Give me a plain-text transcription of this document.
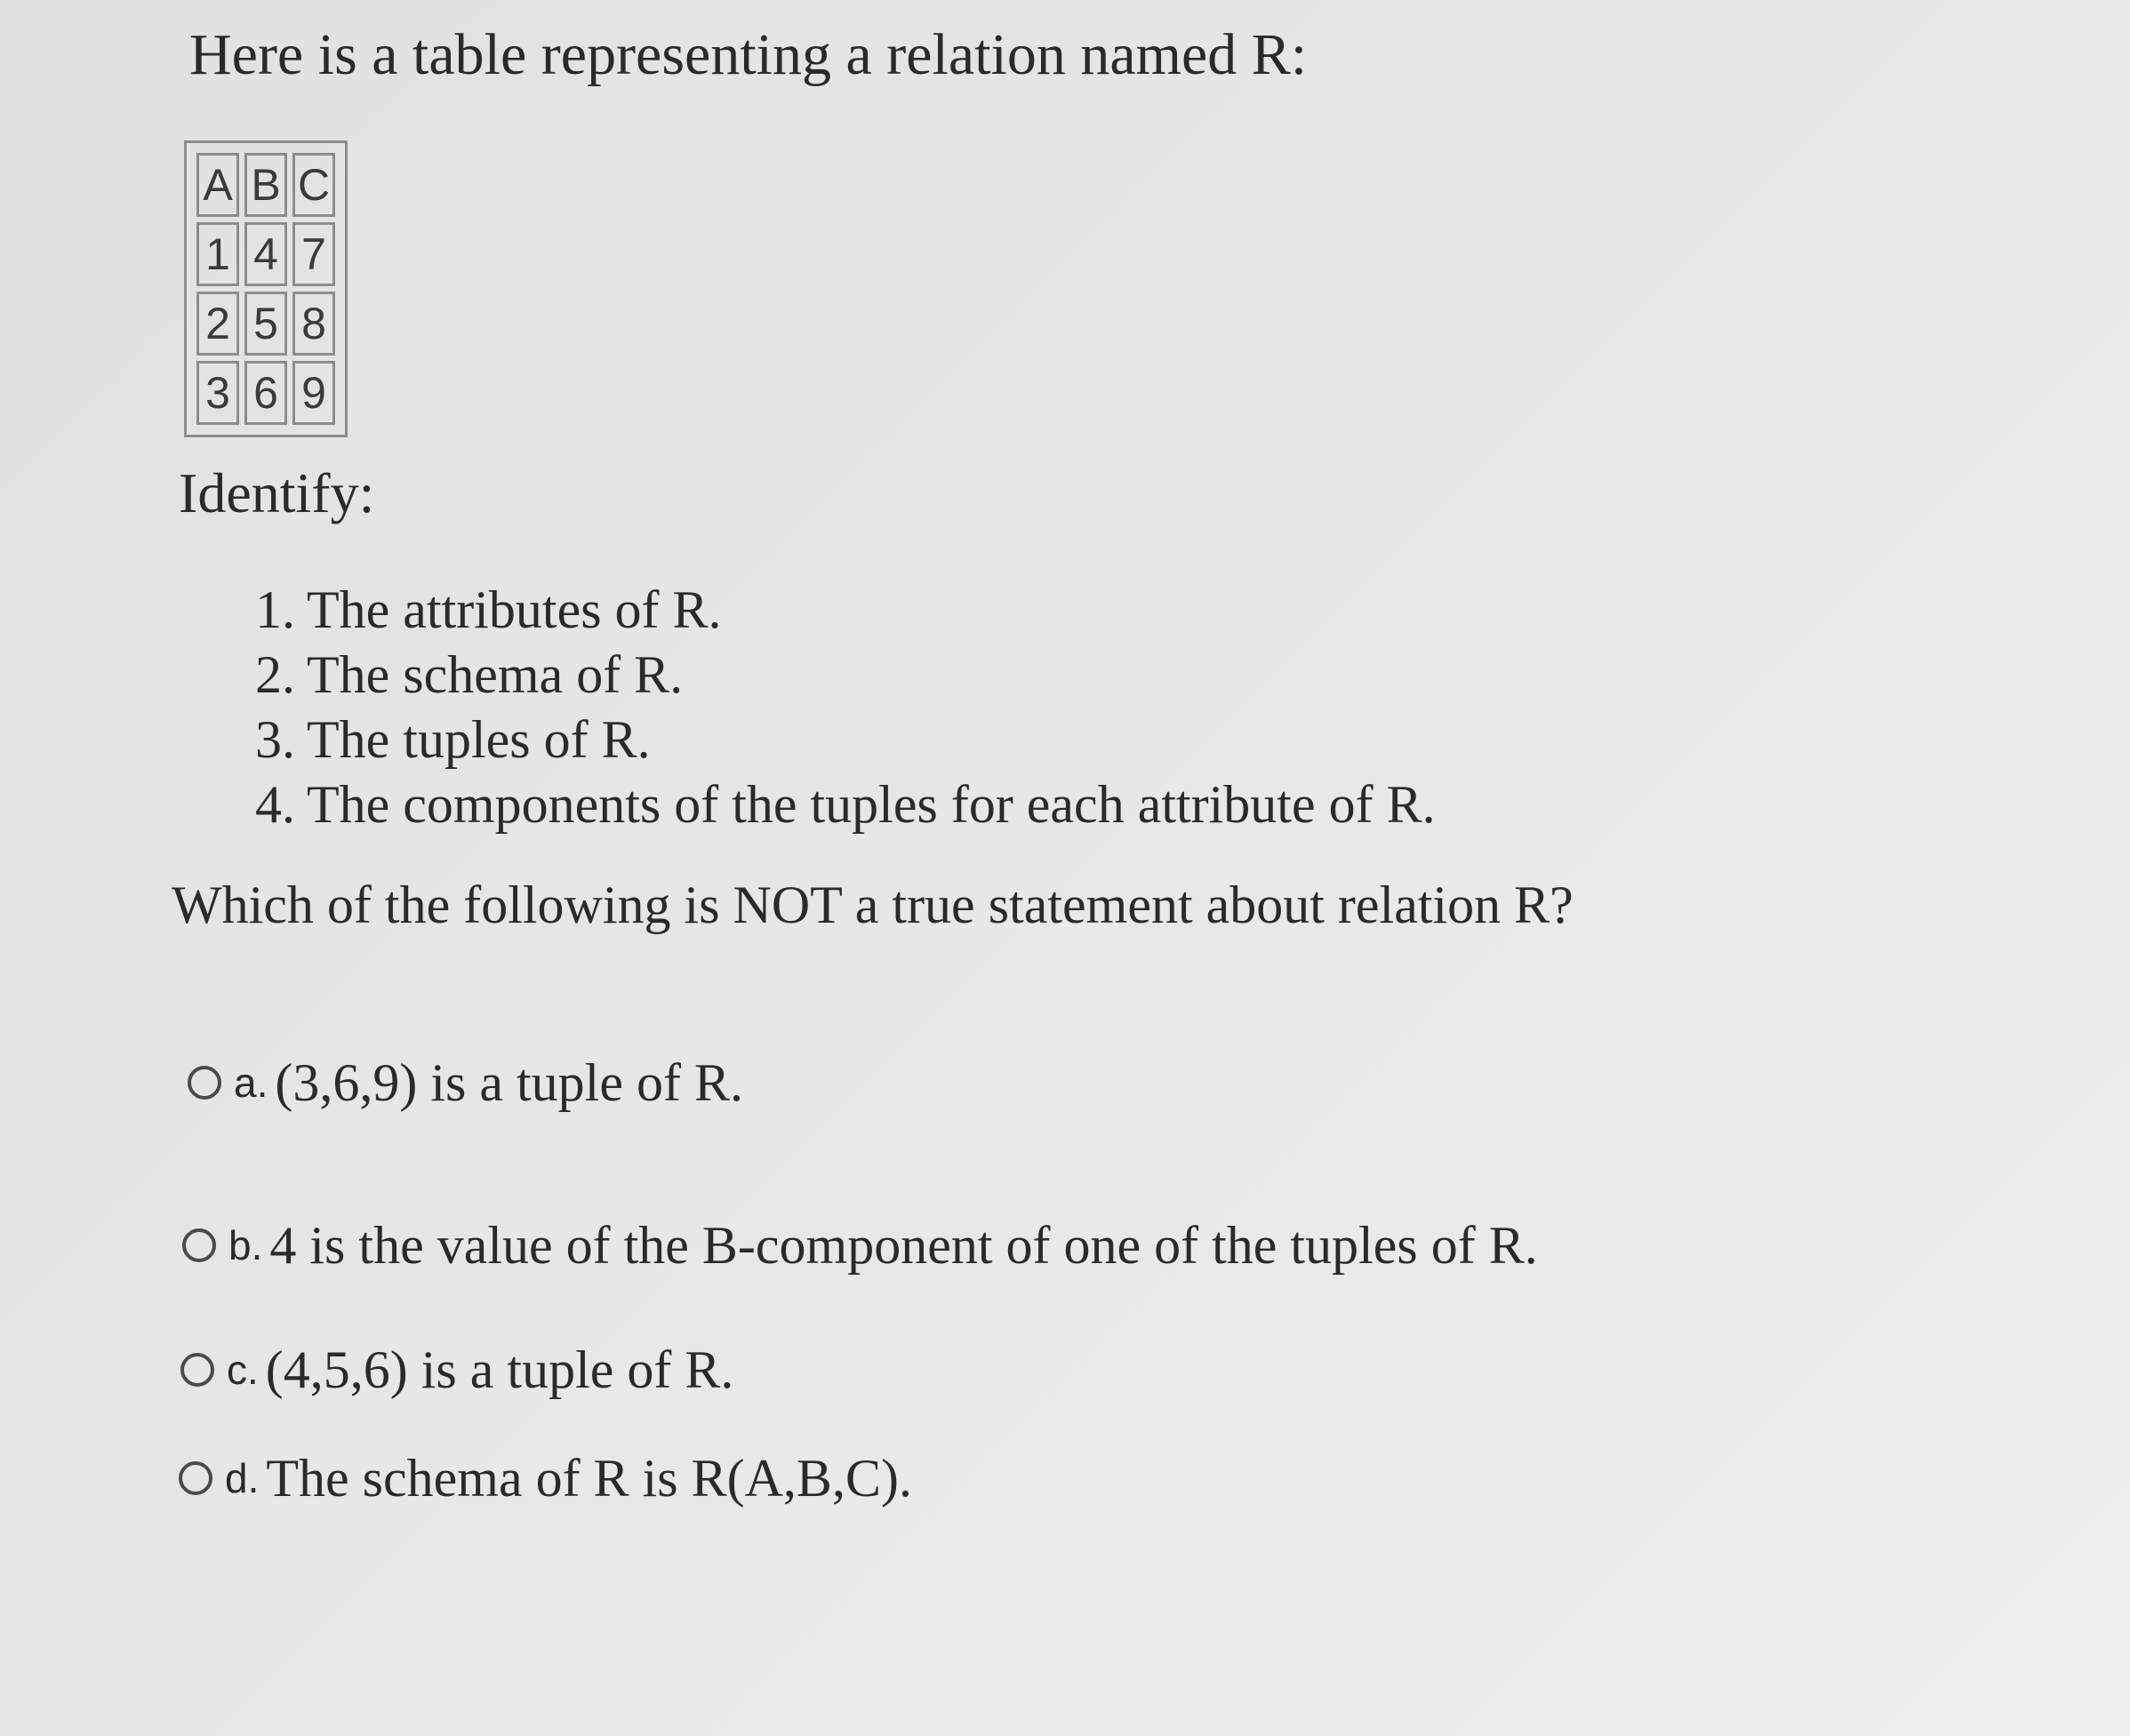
Here is a table representing a relation named R:
A	B	C
1	4	7
2	5	8
3	6	9
Identify:
1. The attributes of R.
2. The schema of R.
3. The tuples of R.
4. The components of the tuples for each attribute of R.
Which of the following is NOT a true statement about relation R?
a. (3,6,9) is a tuple of R.
b. 4 is the value of the B-component of one of the tuples of R.
c. (4,5,6) is a tuple of R.
d. The schema of R is R(A,B,C).
